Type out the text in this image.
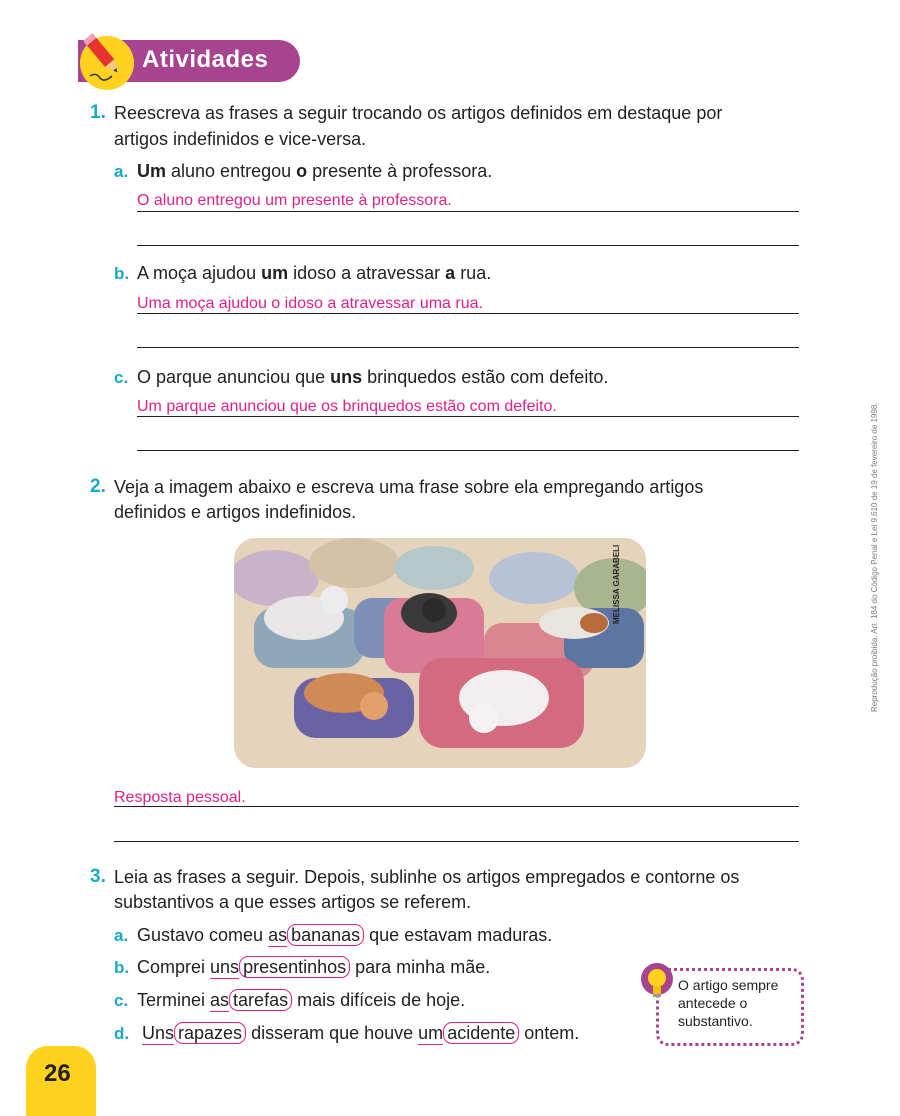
Atividades
1. Reescreva as frases a seguir trocando os artigos definidos em destaque por
artigos indefinidos e vice-versa.
a. Um aluno entregou o presente à professora.
O aluno entregou um presente à professora.
b. A moça ajudou um idoso a atravessar a rua.
Uma moça ajudou o idoso a atravessar uma rua.
c. O parque anunciou que uns brinquedos estão com defeito.
Um parque anunciou que os brinquedos estão com defeito.
2. Veja a imagem abaixo e escreva uma frase sobre ela empregando artigos
definidos e artigos indefinidos.
MELISSA GARABELI	Reprodução proibida. Art. 184 do Código Penal e Lei 9.610 de 19 de fevereiro de 1998.
Resposta pessoal.
3. Leia as frases a seguir. Depois, sublinhe os artigos empregados e contorne os
substantivos a que esses artigos se referem.
a. Gustavo comeu as bananas que estavam maduras.
b. Comprei uns presentinhos para minha mãe.
c. Terminei as tarefas mais difíceis de hoje.
d. Uns rapazes disseram que houve um acidente ontem.
O artigo sempre antecede o substantivo.
26
